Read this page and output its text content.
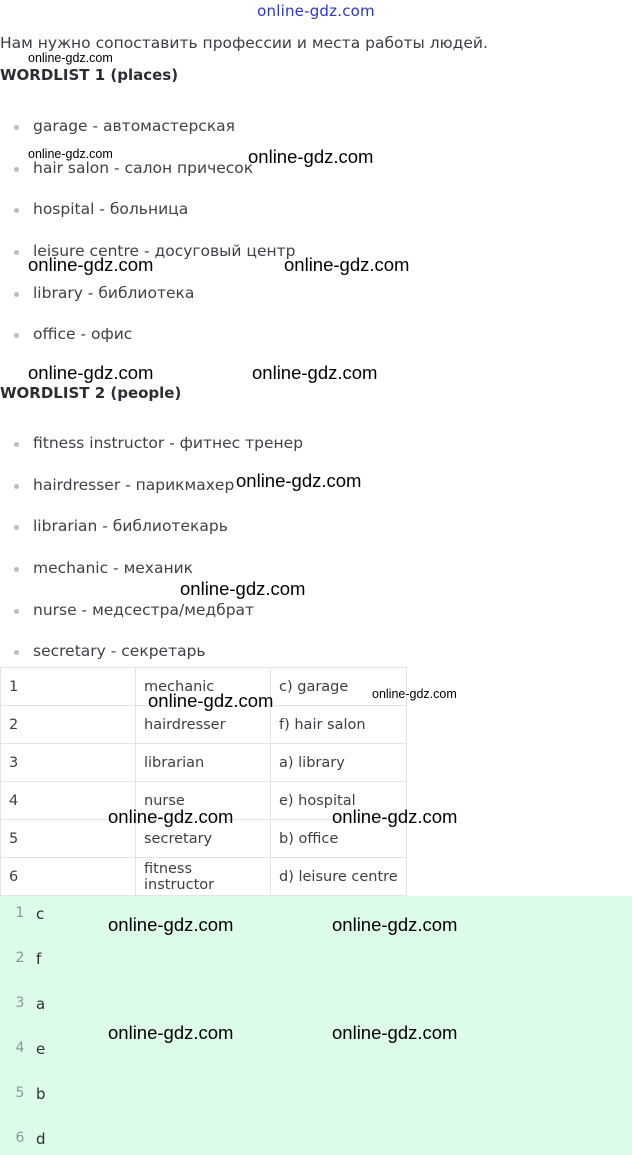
online-gdz.com
Нам нужно сопоставить профессии и места работы людей.
WORDLIST 1 (places)
garage - автомастерская
hair salon - салон причесок
hospital - больница
leisure centre - досуговый центр
library - библиотека
office - офис
WORDLIST 2 (people)
fitness instructor - фитнес тренер
hairdresser - парикмахер
librarian - библиотекарь
mechanic - механик
nurse - медсестра/медбрат
secretary - секретарь
1	mechanic	c) garage
2	hairdresser	f) hair salon
3	librarian	a) library
4	nurse	e) hospital
5	secretary	b) office
6	fitness instructor	d) leisure centre
1 c
2 f
3 a
4 e
5 b
6 d
online-gdz.com
online-gdz.com	online-gdz.com
online-gdz.com	online-gdz.com
online-gdz.com	online-gdz.com
online-gdz.com
online-gdz.com
online-gdz.com	online-gdz.com
online-gdz.com	online-gdz.com
online-gdz.com	online-gdz.com
online-gdz.com	online-gdz.com
